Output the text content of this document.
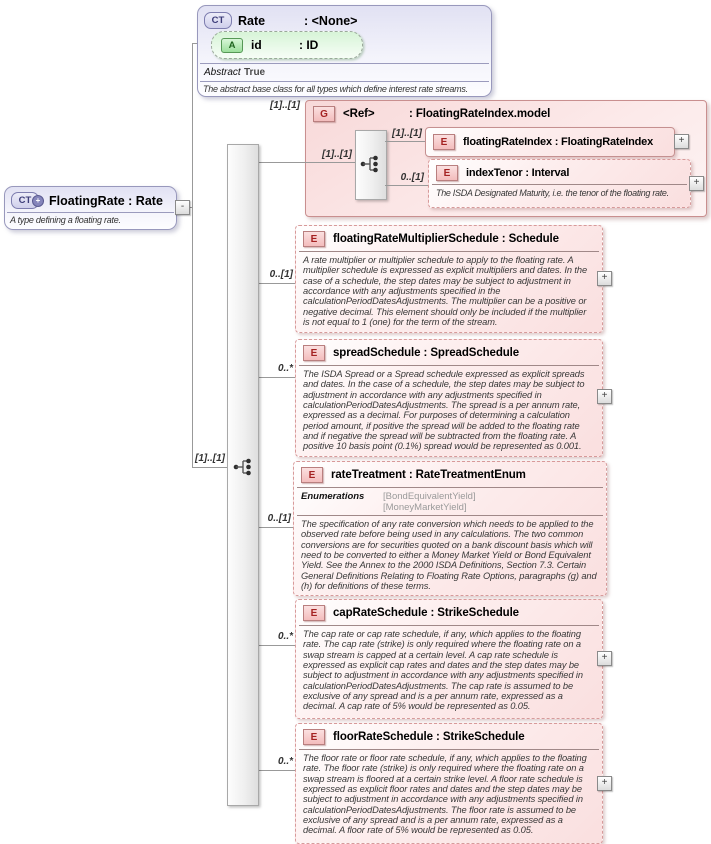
CT Rate	: <None>
A id	: ID
Abstract True
The abstract base class for all types which define interest rate streams.
CT + FloatingRate : Rate
A type defining a floating rate.
-
[1]..[1]
[1]..[1]
G <Ref>	: FloatingRateIndex.model
[1]..[1]
[1]..[1]
0..[1]
E floatingRateIndex : FloatingRateIndex	+
E indexTenor : Interval
The ISDA Designated Maturity, i.e. the tenor of the floating rate.
+
0..[1]
E floatingRateMultiplierSchedule : Schedule
A rate multiplier or multiplier schedule to apply to the floating rate. A multiplier schedule is expressed as explicit multipliers and dates. In the case of a schedule, the step dates may be subject to adjustment in accordance with any adjustments specified in the calculationPeriodDatesAdjustments. The multiplier can be a positive or negative decimal. This element should only be included if the multiplier is not equal to 1 (one) for the term of the stream.
+
0..*
E spreadSchedule : SpreadSchedule
The ISDA Spread or a Spread schedule expressed as explicit spreads and dates. In the case of a schedule, the step dates may be subject to adjustment in accordance with any adjustments specified in calculationPeriodDatesAdjustments. The spread is a per annum rate, expressed as a decimal. For purposes of determining a calculation period amount, if positive the spread will be added to the floating rate and if negative the spread will be subtracted from the floating rate. A positive 10 basis point (0.1%) spread would be represented as 0.001.
+
0..[1]
E rateTreatment : RateTreatmentEnum
Enumerations	[BondEquivalentYield]
[MoneyMarketYield]
The specification of any rate conversion which needs to be applied to the observed rate before being used in any calculations. The two common conversions are for securities quoted on a bank discount basis which will need to be converted to either a Money Market Yield or Bond Equivalent Yield. See the Annex to the 2000 ISDA Definitions, Section 7.3. Certain General Definitions Relating to Floating Rate Options, paragraphs (g) and (h) for definitions of these terms.
0..*
E capRateSchedule : StrikeSchedule
The cap rate or cap rate schedule, if any, which applies to the floating rate. The cap rate (strike) is only required where the floating rate on a swap stream is capped at a certain level. A cap rate schedule is expressed as explicit cap rates and dates and the step dates may be subject to adjustment in accordance with any adjustments specified in calculationPeriodDatesAdjustments. The cap rate is assumed to be exclusive of any spread and is a per annum rate, expressed as a decimal. A cap rate of 5% would be represented as 0.05.
+
0..*
E floorRateSchedule : StrikeSchedule
The floor rate or floor rate schedule, if any, which applies to the floating rate. The floor rate (strike) is only required where the floating rate on a swap stream is floored at a certain strike level. A floor rate schedule is expressed as explicit floor rates and dates and the step dates may be subject to adjustment in accordance with any adjustments specified in calculationPeriodDatesAdjustments. The floor rate is assumed to be exclusive of any spread and is a per annum rate, expressed as a decimal. A floor rate of 5% would be represented as 0.05.
+
